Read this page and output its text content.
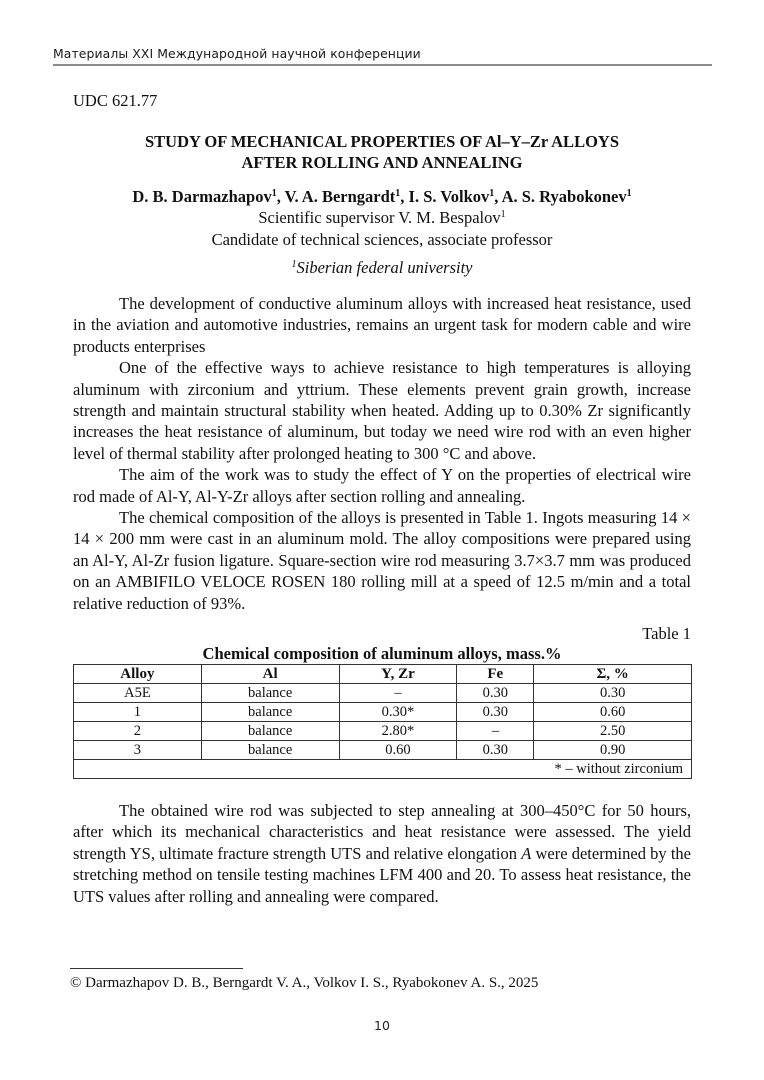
Материалы XXI Международной научной конференции
UDC 621.77
STUDY OF MECHANICAL PROPERTIES OF Al–Y–Zr ALLOYS
AFTER ROLLING AND ANNEALING
D. B. Darmazhapov$^1$, V. A. Berngardt$^1$, I. S. Volkov$^1$, A. S. Ryabokonev$^1$
Scientific supervisor V. M. Bespalov$^1$
Candidate of technical sciences, associate professor
$^1$Siberian federal university

The development of conductive aluminum alloys with increased heat resistance, used in the aviation and automotive industries, remains an urgent task for modern cable and wire products enterprises

One of the effective ways to achieve resistance to high temperatures is alloying aluminum with zirconium and yttrium. These elements prevent grain growth, increase strength and maintain structural stability when heated. Adding up to 0.30% Zr significantly increases the heat resistance of aluminum, but today we need wire rod with an even higher level of thermal stability after prolonged heating to 300 °C and above.

The aim of the work was to study the effect of Y on the properties of electrical wire rod made of Al-Y, Al-Y-Zr alloys after section rolling and annealing.

The chemical composition of the alloys is presented in Table 1. Ingots measuring 14 × 14 × 200 mm were cast in an aluminum mold. The alloy compositions were prepared using an Al-Y, Al-Zr fusion ligature. Square-section wire rod measuring 3.7×3.7 mm was produced on an AMBIFILO VELOCE ROSEN 180 rolling mill at a speed of 12.5 m/min and a total relative reduction of 93%.

Table 1
Chemical composition of aluminum alloys, mass.%
Alloy	Al	Y, Zr	Fe	Σ, %
A5E	balance	–	0.30	0.30
1	balance	0.30*	0.30	0.60
2	balance	2.80*	–	2.50
3	balance	0.60	0.30	0.90
* – without zirconium				

The obtained wire rod was subjected to step annealing at 300–450°C for 50 hours, after which its mechanical characteristics and heat resistance were assessed. The yield strength YS, ultimate fracture strength UTS and relative elongation A were determined by the stretching method on tensile testing machines LFM 400 and 20. To assess heat resistance, the UTS values after rolling and annealing were compared.

© Darmazhapov D. B., Berngardt V. A., Volkov I. S., Ryabokonev A. S., 2025
10
